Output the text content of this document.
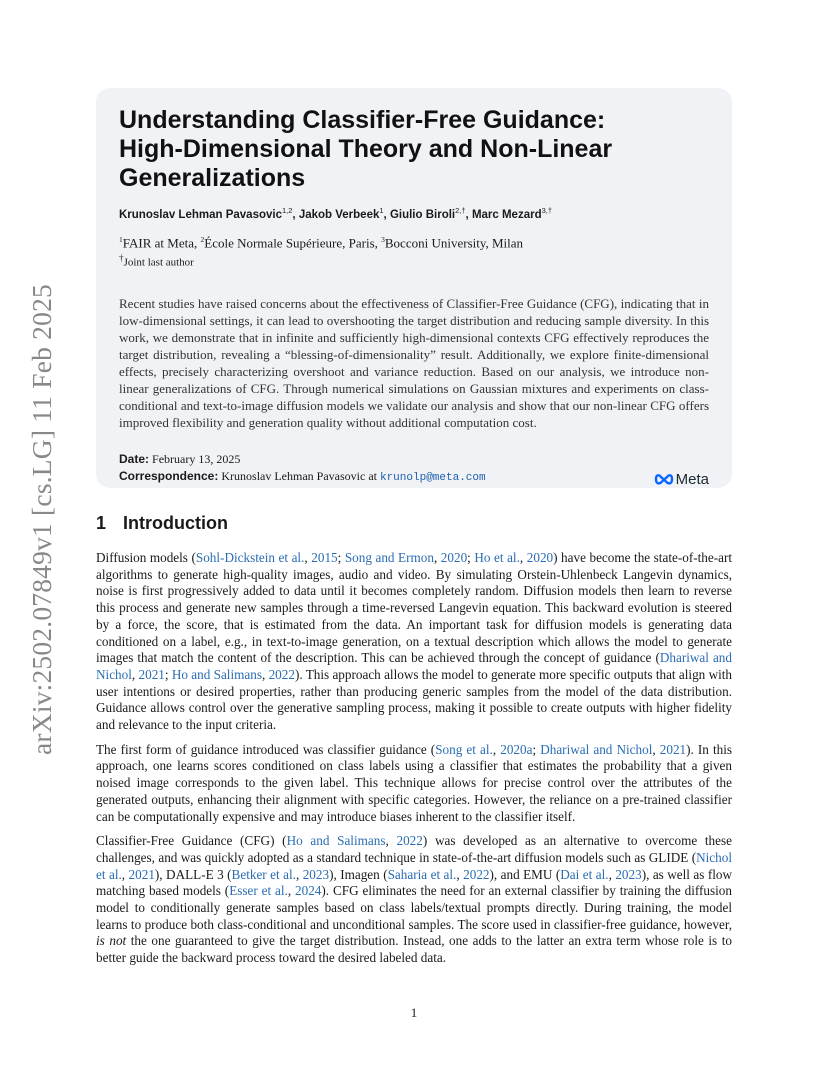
arXiv:2502.07849v1 [cs.LG] 11 Feb 2025
Understanding Classifier-Free Guidance:
High-Dimensional Theory and Non-Linear
Generalizations
Krunoslav Lehman Pavasovic$^{1,2}$, Jakob Verbeek$^1$, Giulio Biroli$^{2,\dagger}$, Marc Mezard$^{3,\dagger}$
$^1$FAIR at Meta, $^2$École Normale Supérieure, Paris, $^3$Bocconi University, Milan
†Joint last author
Recent studies have raised concerns about the effectiveness of Classifier-Free Guidance (CFG), indicating that in low-dimensional settings, it can lead to overshooting the target distribution and reducing sample diversity. In this work, we demonstrate that in infinite and sufficiently high-dimensional contexts CFG effectively reproduces the target distribution, revealing a “blessing-of-dimensionality” result. Additionally, we explore finite-dimensional effects, precisely characterizing overshoot and variance reduction. Based on our analysis, we introduce non-linear generalizations of CFG. Through numerical simulations on Gaussian mixtures and experiments on class-conditional and text-to-image diffusion models we validate our analysis and show that our non-linear CFG offers improved flexibility and generation quality without additional computation cost.
Date: February 13, 2025
Correspondence: Krunoslav Lehman Pavasovic at krunolp@meta.com	Meta
1 Introduction

Diffusion models (Sohl-Dickstein et al., 2015; Song and Ermon, 2020; Ho et al., 2020) have become the state-of-the-art algorithms to generate high-quality images, audio and video. By simulating Orstein-Uhlenbeck Langevin dynamics, noise is first progressively added to data until it becomes completely random. Diffusion models then learn to reverse this process and generate new samples through a time-reversed Langevin equation. This backward evolution is steered by a force, the score, that is estimated from the data. An important task for diffusion models is generating data conditioned on a label, e.g., in text-to-image generation, on a textual description which allows the model to generate images that match the content of the description. This can be achieved through the concept of guidance (Dhariwal and Nichol, 2021; Ho and Salimans, 2022). This approach allows the model to generate more specific outputs that align with user intentions or desired properties, rather than producing generic samples from the model of the data distribution. Guidance allows control over the generative sampling process, making it possible to create outputs with higher fidelity and relevance to the input criteria.

The first form of guidance introduced was classifier guidance (Song et al., 2020a; Dhariwal and Nichol, 2021). In this approach, one learns scores conditioned on class labels using a classifier that estimates the probability that a given noised image corresponds to the given label. This technique allows for precise control over the attributes of the generated outputs, enhancing their alignment with specific categories. However, the reliance on a pre-trained classifier can be computationally expensive and may introduce biases inherent to the classifier itself.

Classifier-Free Guidance (CFG) (Ho and Salimans, 2022) was developed as an alternative to overcome these challenges, and was quickly adopted as a standard technique in state-of-the-art diffusion models such as GLIDE (Nichol et al., 2021), DALL-E 3 (Betker et al., 2023), Imagen (Saharia et al., 2022), and EMU (Dai et al., 2023), as well as flow matching based models (Esser et al., 2024). CFG eliminates the need for an external classifier by training the diffusion model to conditionally generate samples based on class labels/textual prompts directly. During training, the model learns to produce both class-conditional and unconditional samples. The score used in classifier-free guidance, however, is not the one guaranteed to give the target distribution. Instead, one adds to the latter an extra term whose role is to better guide the backward process toward the desired labeled data.

1
